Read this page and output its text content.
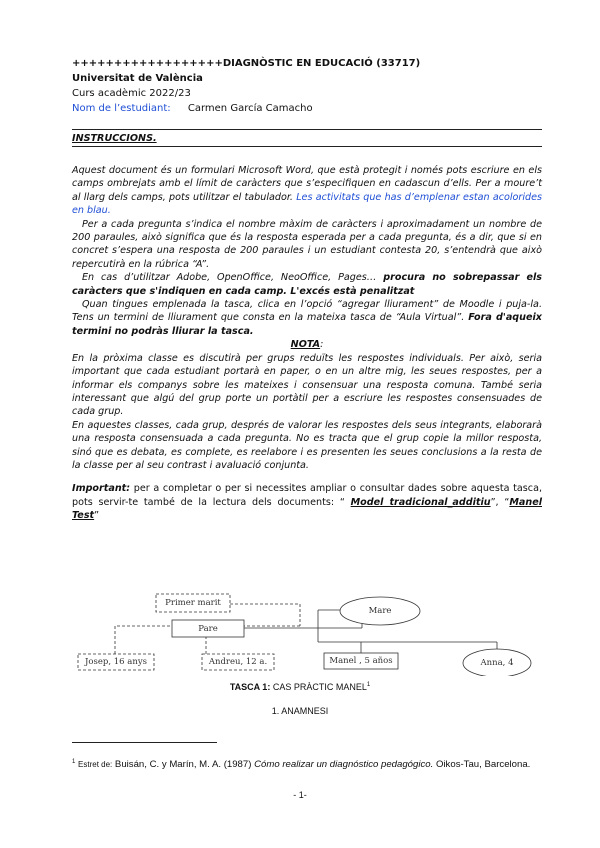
++++++++++++++++++DIAGNÒSTIC EN EDUCACIÓ (33717)
Universitat de València
Curs acadèmic 2022/23
Nom de l’estudiant: Carmen García Camacho
INSTRUCCIONS.

Aquest document és un formulari Microsoft Word, que està protegit i només pots escriure en els camps ombrejats amb el límit de caràcters que s’especifiquen en cadascun d’ells. Per a moure’t al llarg dels camps, pots utilitzar el tabulador. Les activitats que has d’emplenar estan acolorides en blau.

Per a cada pregunta s’indica el nombre màxim de caràcters i aproximadament un nombre de 200 paraules, això significa que és la resposta esperada per a cada pregunta, és a dir, que si en concret s’espera una resposta de 200 paraules i un estudiant contesta 20, s’entendrà que això repercutirà en la rúbrica “A”.

En cas d’utilitzar Adobe, OpenOffice, NeoOffice, Pages… procura no sobrepassar els caràcters que s'indiquen en cada camp. L'excés està penalitzat

Quan tingues emplenada la tasca, clica en l’opció “agregar lliurament” de Moodle i puja-la. Tens un termini de lliurament que consta en la mateixa tasca de “Aula Virtual”. Fora d'aqueix termini no podràs lliurar la tasca.

NOTA:

En la pròxima classe es discutirà per grups reduïts les respostes individuals. Per això, seria important que cada estudiant portarà en paper, o en un altre mig, les seues respostes, per a informar els companys sobre les mateixes i consensuar una resposta comuna. També seria interessant que algú del grup porte un portàtil per a escriure les respostes consensuades de cada grup.

En aquestes classes, cada grup, després de valorar les respostes dels seus integrants, elaborarà una resposta consensuada a cada pregunta. No es tracta que el grup copie la millor resposta, sinó que es debata, es complete, es reelabore i es presenten les seues conclusions a la resta de la classe per al seu contrast i avaluació conjunta.

Important: per a completar o per si necessites ampliar o consultar dades sobre aquesta tasca, pots servir-te també de la lectura dels documents: “ Model tradicional_additiu”, “Manel Test”

Primer marit
Pare
Mare
Josep, 16 anys	Andreu, 12 a.	Manel , 5 años	Anna, 4
TASCA 1: CAS PRÀCTIC MANEL$^1$
1. ANAMNESI
$^1$ Estret de: Buisán, C. y Marín, M. A. (1987) Cómo realizar un diagnóstico pedagógico. Oikos-Tau, Barcelona.
- 1-
